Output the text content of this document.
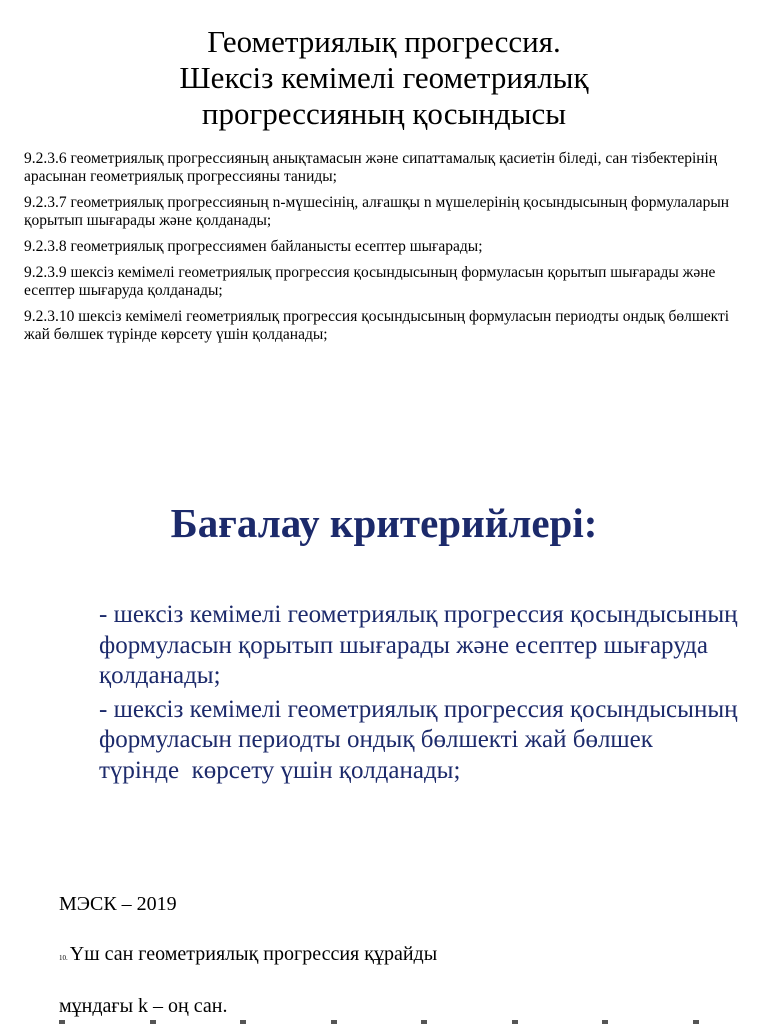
Геометриялық прогрессия.
Шексіз кемімелі геометриялық
прогрессияның қосындысы
9.2.3.6 геометриялық прогрессияның анықтамасын және сипаттамалық қасиетін біледі, сан тізбектерінің арасынан геометриялық прогрессияны таниды;
9.2.3.7 геометриялық прогрессияның n-мүшесінің, алғашқы n мүшелерінің қосындысының формулаларын қорытып шығарады және қолданады;
9.2.3.8 геометриялық прогрессиямен байланысты есептер шығарады;
9.2.3.9 шексіз кемімелі геометриялық прогрессия қосындысының формуласын қорытып шығарады және есептер шығаруда қолданады;
9.2.3.10 шексіз кемімелі геометриялық прогрессия қосындысының формуласын периодты ондық бөлшекті жай бөлшек түрінде көрсету үшін қолданады;
Бағалау критерийлері:
- шексіз кемімелі геометриялық прогрессия қосындысының формуласын қорытып шығарады және есептер шығаруда қолданады;
- шексіз кемімелі геометриялық прогрессия қосындысының формуласын периодты ондық бөлшекті жай бөлшек түрінде  көрсету үшін қолданады;

МЭСК – 2019

10. Үш сан геометриялық прогрессия құрайды

мұндағы k – оң сан.
